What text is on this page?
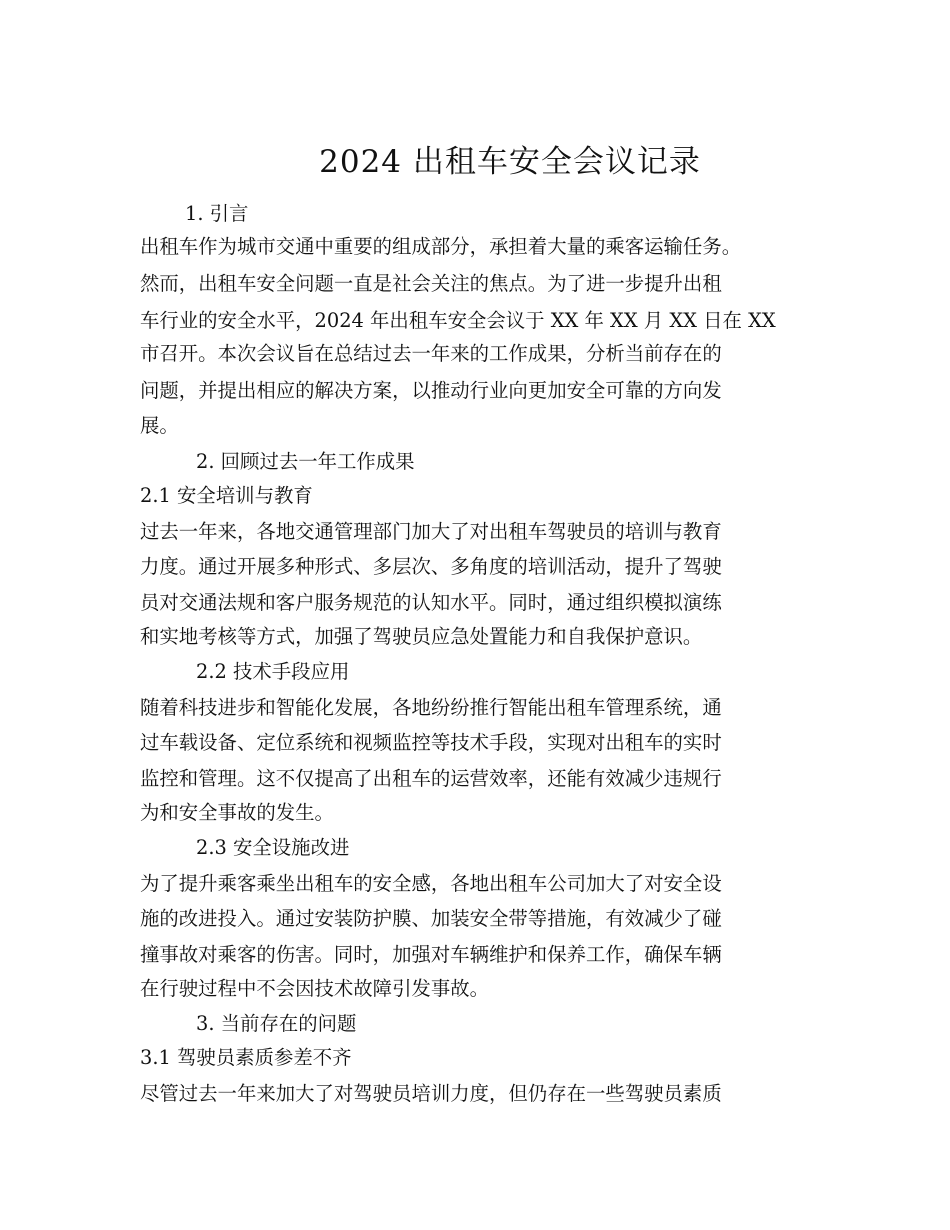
2024 出租车安全会议记录
1. 引言
出租车作为城市交通中重要的组成部分，承担着大量的乘客运输任务。
然而，出租车安全问题一直是社会关注的焦点。为了进一步提升出租
车行业的安全水平，2024 年出租车安全会议于 XX 年 XX 月 XX 日在 XX
市召开。本次会议旨在总结过去一年来的工作成果，分析当前存在的
问题，并提出相应的解决方案，以推动行业向更加安全可靠的方向发
展。
2. 回顾过去一年工作成果
2.1 安全培训与教育
过去一年来，各地交通管理部门加大了对出租车驾驶员的培训与教育
力度。通过开展多种形式、多层次、多角度的培训活动，提升了驾驶
员对交通法规和客户服务规范的认知水平。同时，通过组织模拟演练
和实地考核等方式，加强了驾驶员应急处置能力和自我保护意识。
2.2 技术手段应用
随着科技进步和智能化发展，各地纷纷推行智能出租车管理系统，通
过车载设备、定位系统和视频监控等技术手段，实现对出租车的实时
监控和管理。这不仅提高了出租车的运营效率，还能有效减少违规行
为和安全事故的发生。
2.3 安全设施改进
为了提升乘客乘坐出租车的安全感，各地出租车公司加大了对安全设
施的改进投入。通过安装防护膜、加装安全带等措施，有效减少了碰
撞事故对乘客的伤害。同时，加强对车辆维护和保养工作，确保车辆
在行驶过程中不会因技术故障引发事故。
3. 当前存在的问题
3.1 驾驶员素质参差不齐
尽管过去一年来加大了对驾驶员培训力度，但仍存在一些驾驶员素质
